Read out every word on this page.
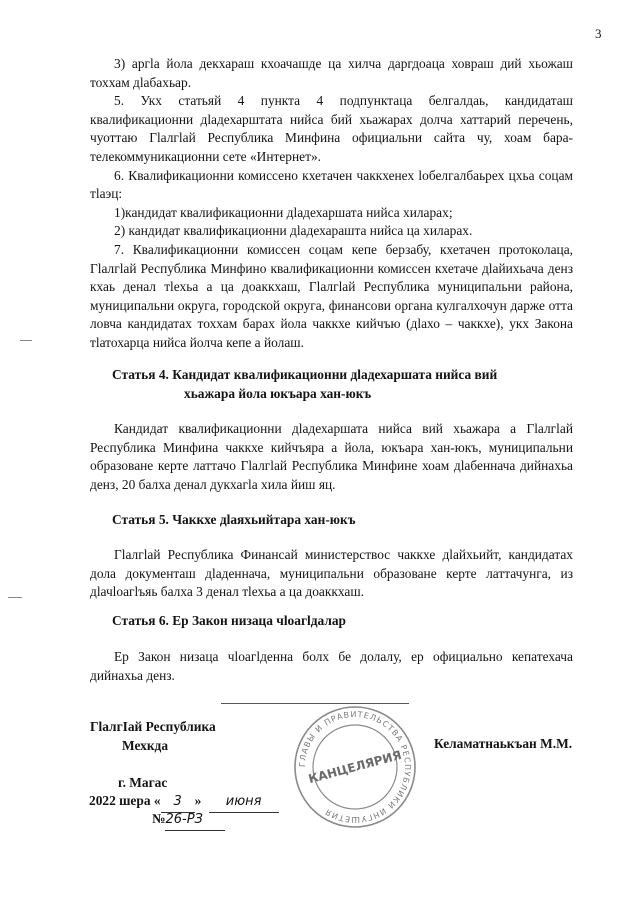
3

3) аргlа йола декхараш кхоачашде ца хилча даргдоаца ховраш дий хьожаш тоххам дlабахьар.

5. Укх статьяй 4 пункта 4 подпунктаца белгалдаь, кандидаташ квалификационни дlадехарштата нийса бий хьажарах долча хаттарий перечень, чуоттаю Гlалгlай Республика Минфина официальни сайта чу, хоам бара-телекоммуникационни сете «Интернет».

6. Квалификационни комиссено кхетачен чаккхенех lобелгалбаьрех цхьа соцам тlаэц:

1)кандидат квалификационни дlадехаршата нийса хиларах;

2) кандидат квалификационни дlадехарашта нийса ца хиларах.

7. Квалификационни комиссен соцам кепе берзабу, кхетачен протоколаца, Гlалгlай Республика Минфино квалификационни комиссен кхетаче дlайихьача денз кхаь денал тlехьа а ца доаккхаш, Гlалгlай Республика муниципальни района, муниципальни округа, городской округа, финансови органа кулгалхочун дарже отта ловча кандидатах тоххам барах йола чаккхе кийчъю (дlахо – чаккхе), укх Закона тlатохарца нийса йолча кепе а йолаш.

Статья 4. Кандидат квалификационни дlадехаршата нийса вий
хьажара йола юкъара хан-юкъ

Кандидат квалификационни дlадехаршата нийса вий хьажара а Гlалгlай Республика Минфина чаккхе кийчъяра а йола, юкъара хан-юкъ, муниципальни образоване керте латтачо Гlалгlай Республика Минфине хоам дlабеннача дийнахьа денз, 20 балха денал дукхагlа хила йиш яц.

Статья 5. Чаккхе дlаяхьийтара хан-юкъ

Гlалгlай Республика Финансай министерствос чаккхе дlайхьийт, кандидатах дола документаш дlаденнача, муниципальни образоване керте латтачунга, из дlачlоагlъяь балха 3 денал тlехьа а ца доаккхаш.

Статья 6. Ер Закон низаца чlоагlдалар

Ер Закон низаца чlоагlденна болх бе долалу, ер официально кепатехача дийнахьа денз.

ГЛАВЫ И ПРАВИТЕЛЬСТВА РЕСПУБЛИКИ ИНГУШЕТИЯ
КАНЦЕЛЯРИЯ
ГlалгIай Республика
Мехкда	Келаматнаькъан М.М.
г. Магас
2022 шера « 3 » июня
№26-РЗ
